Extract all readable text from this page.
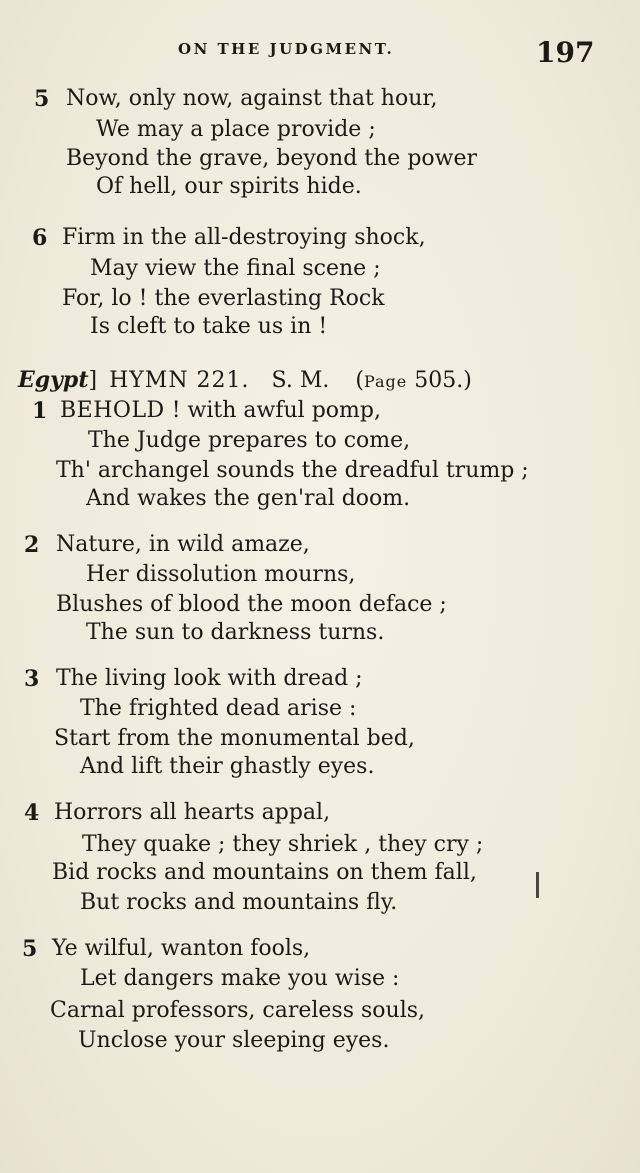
ON THE JUDGMENT.	197
5 Now, only now, against that hour,
We may a place provide ;
Beyond the grave, beyond the power
Of hell, our spirits hide.
6 Firm in the all-destroying shock,
May view the final scene ;
For, lo ! the everlasting Rock
Is cleft to take us in !
Egypt] HYMN 221. S. M. (Page 505.)
1 BEHOLD ! with awful pomp,
The Judge prepares to come,
Th' archangel sounds the dreadful trump ;
And wakes the gen'ral doom.
2 Nature, in wild amaze,
Her dissolution mourns,
Blushes of blood the moon deface ;
The sun to darkness turns.
3 The living look with dread ;
The frighted dead arise :
Start from the monumental bed,
And lift their ghastly eyes.
4 Horrors all hearts appal,
They quake ; they shriek , they cry ;
Bid rocks and mountains on them fall,
But rocks and mountains fly.
5 Ye wilful, wanton fools,
Let dangers make you wise :
Carnal professors, careless souls,
Unclose your sleeping eyes.
